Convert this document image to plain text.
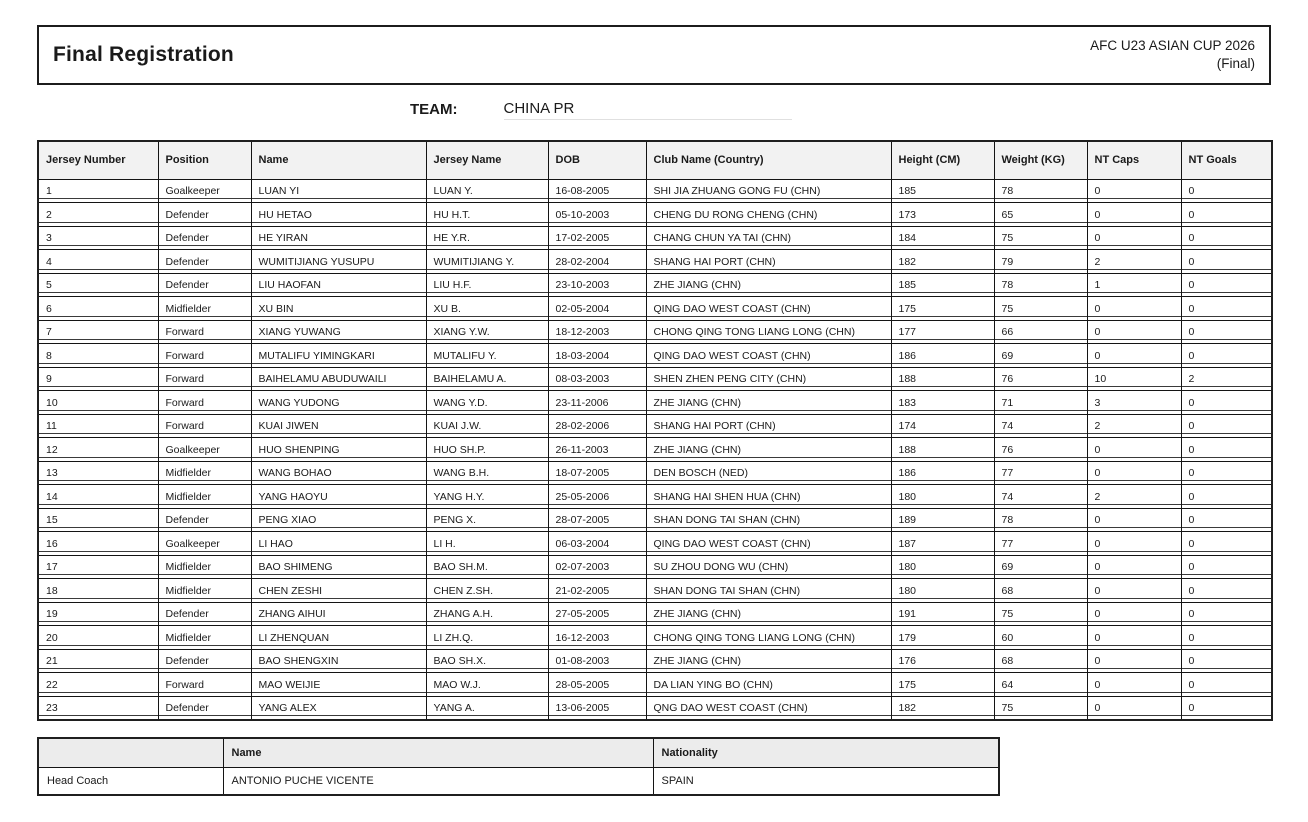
Final Registration	AFC U23 ASIAN CUP 2026
(Final)
TEAM:	CHINA PR
Jersey Number	Position	Name	Jersey Name	DOB	Club Name (Country)	Height (CM)	Weight (KG)	NT Caps	NT Goals

1	Goalkeeper	LUAN YI	LUAN Y.	16-08-2005	SHI JIA ZHUANG GONG FU (CHN)	185	78	0	0

2	Defender	HU HETAO	HU H.T.	05-10-2003	CHENG DU RONG CHENG (CHN)	173	65	0	0

3	Defender	HE YIRAN	HE Y.R.	17-02-2005	CHANG CHUN YA TAI (CHN)	184	75	0	0

4	Defender	WUMITIJIANG YUSUPU	WUMITIJIANG Y.	28-02-2004	SHANG HAI PORT (CHN)	182	79	2	0

5	Defender	LIU HAOFAN	LIU H.F.	23-10-2003	ZHE JIANG (CHN)	185	78	1	0

6	Midfielder	XU BIN	XU B.	02-05-2004	QING DAO WEST COAST (CHN)	175	75	0	0

7	Forward	XIANG YUWANG	XIANG Y.W.	18-12-2003	CHONG QING TONG LIANG LONG (CHN)	177	66	0	0

8	Forward	MUTALIFU YIMINGKARI	MUTALIFU Y.	18-03-2004	QING DAO WEST COAST (CHN)	186	69	0	0

9	Forward	BAIHELAMU ABUDUWAILI	BAIHELAMU A.	08-03-2003	SHEN ZHEN PENG CITY (CHN)	188	76	10	2

10	Forward	WANG YUDONG	WANG Y.D.	23-11-2006	ZHE JIANG (CHN)	183	71	3	0

11	Forward	KUAI JIWEN	KUAI J.W.	28-02-2006	SHANG HAI PORT (CHN)	174	74	2	0

12	Goalkeeper	HUO SHENPING	HUO SH.P.	26-11-2003	ZHE JIANG (CHN)	188	76	0	0

13	Midfielder	WANG BOHAO	WANG B.H.	18-07-2005	DEN BOSCH (NED)	186	77	0	0

14	Midfielder	YANG HAOYU	YANG H.Y.	25-05-2006	SHANG HAI SHEN HUA (CHN)	180	74	2	0

15	Defender	PENG XIAO	PENG X.	28-07-2005	SHAN DONG TAI SHAN (CHN)	189	78	0	0

16	Goalkeeper	LI HAO	LI H.	06-03-2004	QING DAO WEST COAST (CHN)	187	77	0	0

17	Midfielder	BAO SHIMENG	BAO SH.M.	02-07-2003	SU ZHOU DONG WU (CHN)	180	69	0	0

18	Midfielder	CHEN ZESHI	CHEN Z.SH.	21-02-2005	SHAN DONG TAI SHAN (CHN)	180	68	0	0

19	Defender	ZHANG AIHUI	ZHANG A.H.	27-05-2005	ZHE JIANG (CHN)	191	75	0	0

20	Midfielder	LI ZHENQUAN	LI ZH.Q.	16-12-2003	CHONG QING TONG LIANG LONG (CHN)	179	60	0	0

21	Defender	BAO SHENGXIN	BAO SH.X.	01-08-2003	ZHE JIANG (CHN)	176	68	0	0

22	Forward	MAO WEIJIE	MAO W.J.	28-05-2005	DA LIAN YING BO (CHN)	175	64	0	0

23	Defender	YANG ALEX	YANG A.	13-06-2005	QNG DAO WEST COAST (CHN)	182	75	0	0
	Name	Nationality
Head Coach	ANTONIO PUCHE VICENTE	SPAIN
